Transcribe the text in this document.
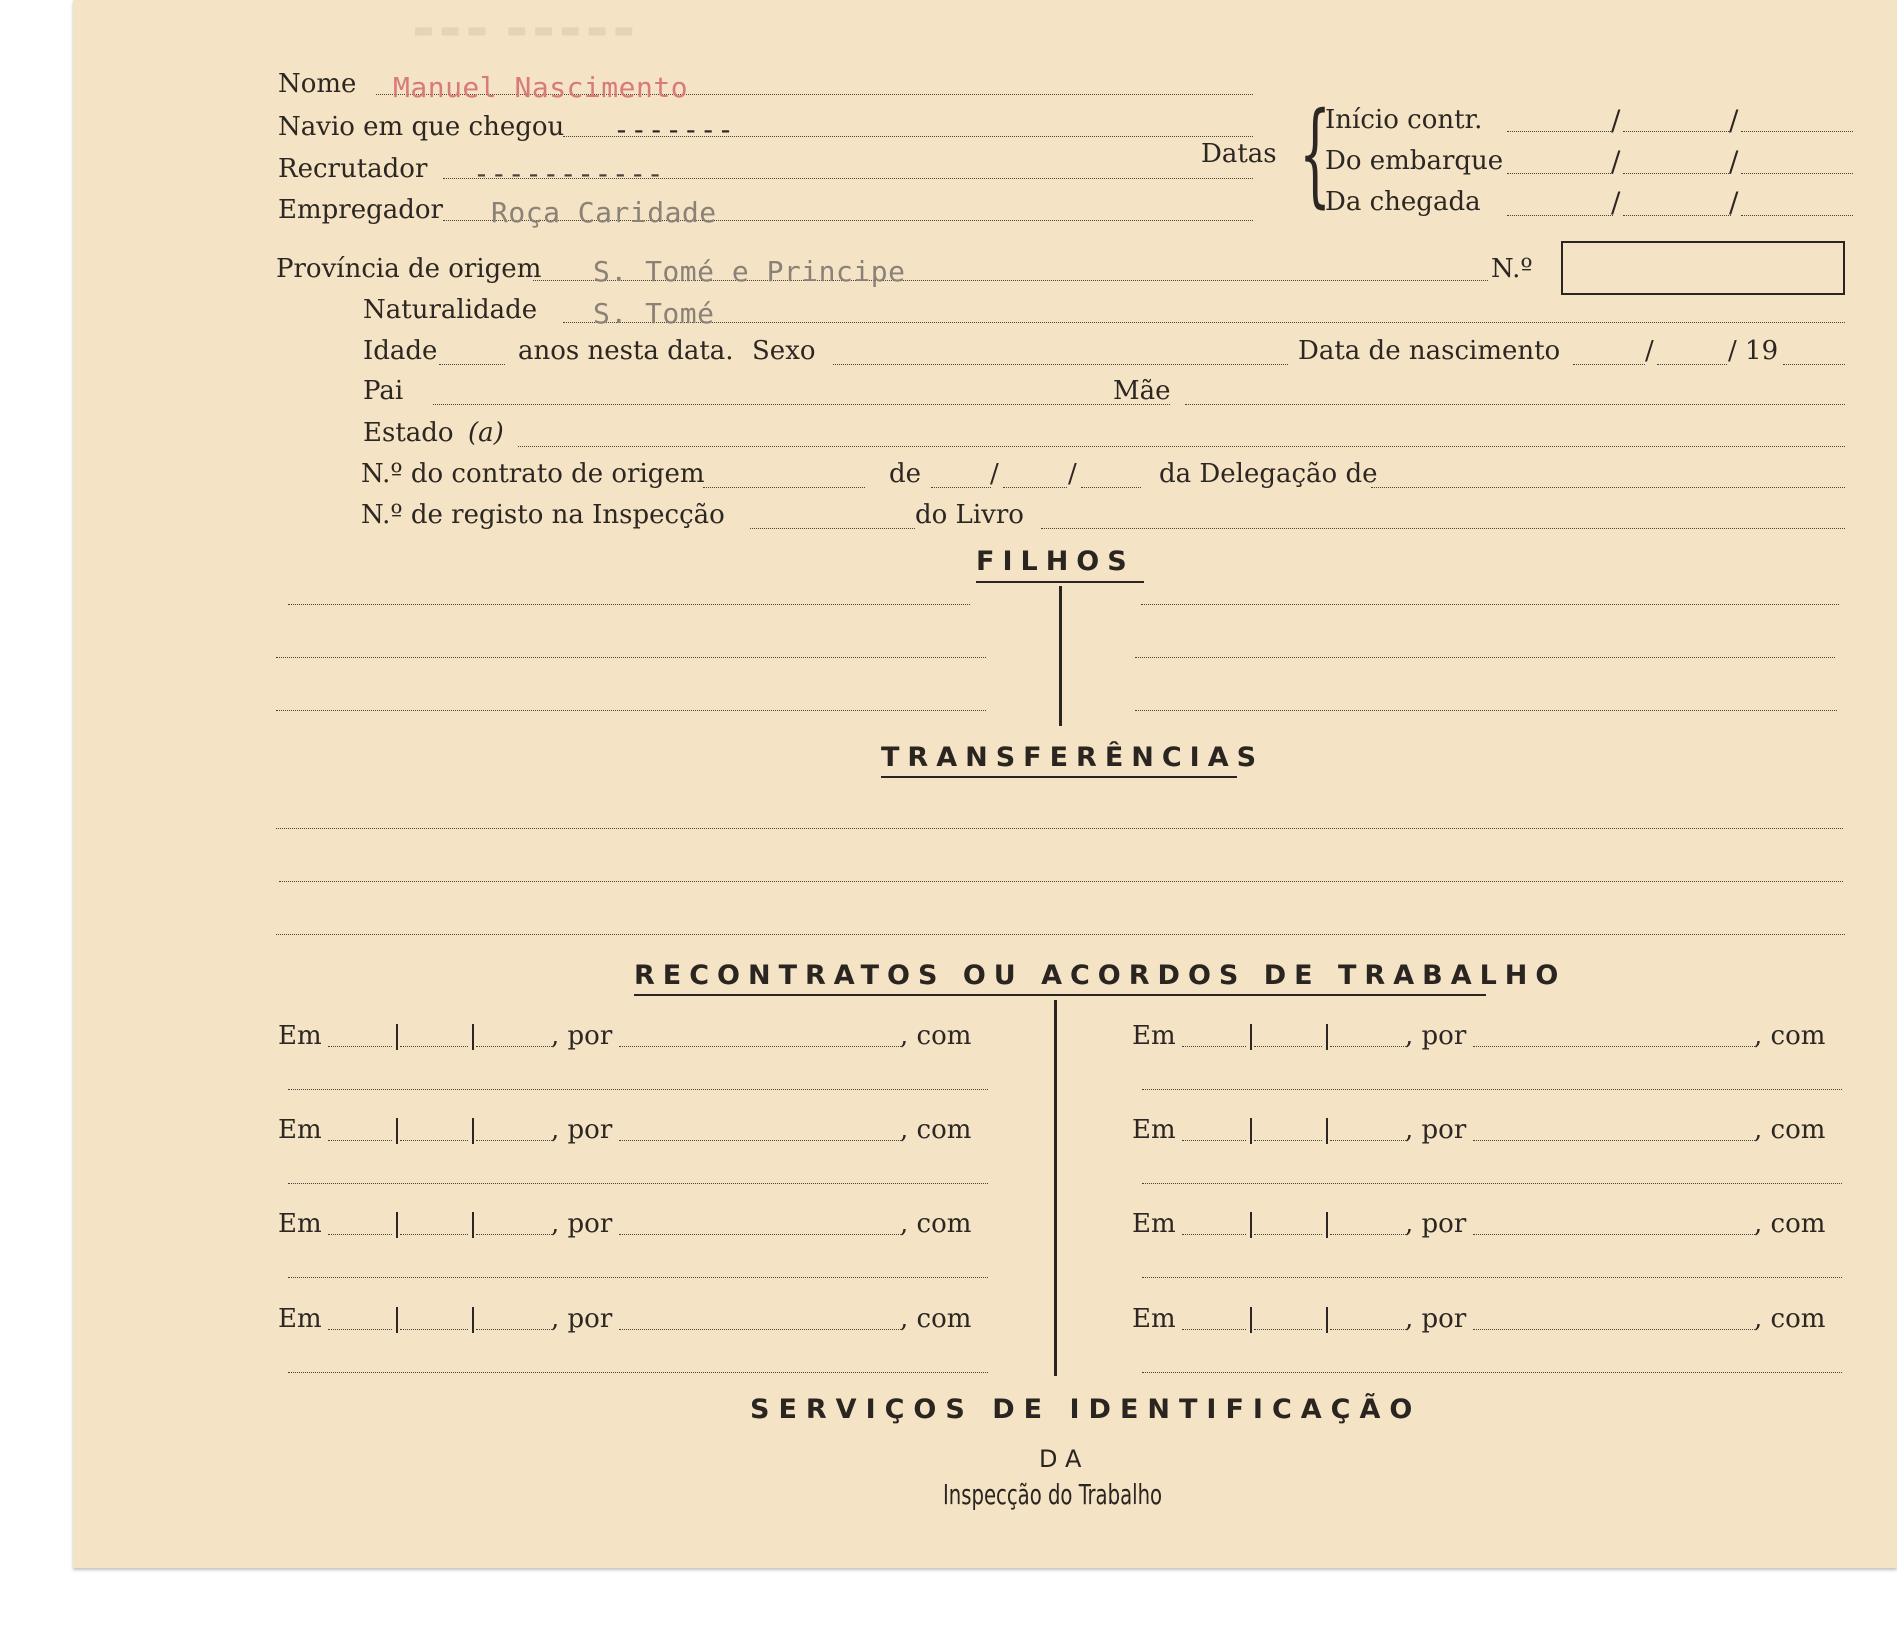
▬▬▬ ▬▬▬▬▬
Nome Manuel Nascimento
Navio em que chegou -------
Recrutador -----------
Empregador Roça Caridade
Datas {
Início contr.	/	/
Do embarque	/	/
Da chegada	/	/
Província de origem S. Tomé e Principe	N.º
Naturalidade S. Tomé
Idade	anos nesta data. Sexo	Data de nascimento	/	/ 19
Pai	Mãe
Estado (a)
N.º do contrato de origem	de	/	/	da Delegação de
N.º de registo na Inspecção	do Livro
FILHOS
TRANSFERÊNCIAS
RECONTRATOS OU ACORDOS DE TRABALHO
Em	, por	, com
Em	, por	, com
Em	, por	, com
Em	, por	, com
Em	, por	, com
Em	, por	, com
Em	, por	, com
Em	, por	, com
SERVIÇOS DE IDENTIFICAÇÃO
DA
Inspecção do Trabalho
